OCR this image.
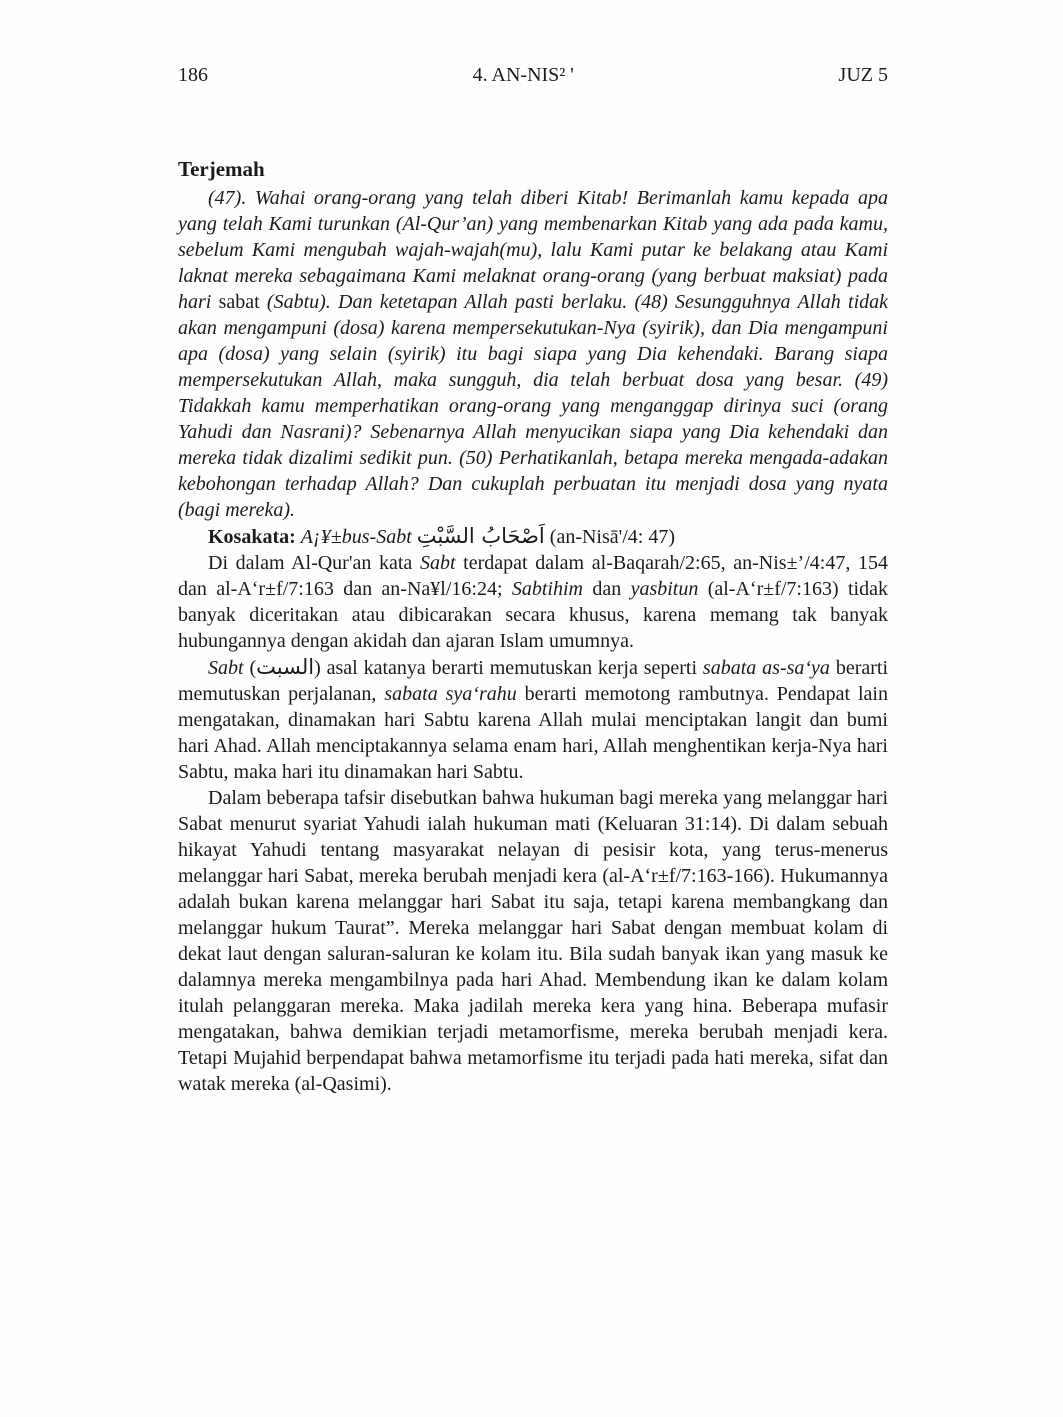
186	4. AN-NIS² '	JUZ 5
Terjemah

(47). Wahai orang-orang yang telah diberi Kitab! Berimanlah kamu kepada apa yang telah Kami turunkan (Al-Qur’an) yang membenarkan Kitab yang ada pada kamu, sebelum Kami mengubah wajah-wajah(mu), lalu Kami putar ke belakang atau Kami laknat mereka sebagaimana Kami melaknat orang-orang (yang berbuat maksiat) pada hari sabat (Sabtu). Dan ketetapan Allah pasti berlaku. (48) Sesungguhnya Allah tidak akan mengampuni (dosa) karena mempersekutukan-Nya (syirik), dan Dia mengampuni apa (dosa) yang selain (syirik) itu bagi siapa yang Dia kehendaki. Barang siapa mempersekutukan Allah, maka sungguh, dia telah berbuat dosa yang besar. (49) Tidakkah kamu memperhatikan orang-orang yang menganggap dirinya suci (orang Yahudi dan Nasrani)? Sebenarnya Allah menyucikan siapa yang Dia kehendaki dan mereka tidak dizalimi sedikit pun. (50) Perhatikanlah, betapa mereka mengada-adakan kebohongan terhadap Allah? Dan cukuplah perbuatan itu menjadi dosa yang nyata (bagi mereka).

Kosakata: A¡¥±bus-Sabt اَصْحَابُ السَّبْتِ (an-Nisā'/4: 47)

Di dalam Al-Qur'an kata Sabt terdapat dalam al-Baqarah/2:65, an-Nis±’/4:47, 154 dan al-A‘r±f/7:163 dan an-Na¥l/16:24; Sabtihim dan yasbitun (al-A‘r±f/7:163) tidak banyak diceritakan atau dibicarakan secara khusus, karena memang tak banyak hubungannya dengan akidah dan ajaran Islam umumnya.

Sabt (السبت) asal katanya berarti memutuskan kerja seperti sabata as-sa‘ya berarti memutuskan perjalanan, sabata sya‘rahu berarti memotong rambutnya. Pendapat lain mengatakan, dinamakan hari Sabtu karena Allah mulai menciptakan langit dan bumi hari Ahad. Allah menciptakannya selama enam hari, Allah menghentikan kerja-Nya hari Sabtu, maka hari itu dinamakan hari Sabtu.

Dalam beberapa tafsir disebutkan bahwa hukuman bagi mereka yang melanggar hari Sabat menurut syariat Yahudi ialah hukuman mati (Keluaran 31:14). Di dalam sebuah hikayat Yahudi tentang masyarakat nelayan di pesisir kota, yang terus-menerus melanggar hari Sabat, mereka berubah menjadi kera (al-A‘r±f/7:163-166). Hukumannya adalah bukan karena melanggar hari Sabat itu saja, tetapi karena membangkang dan melanggar hukum Taurat”. Mereka melanggar hari Sabat dengan membuat kolam di dekat laut dengan saluran-saluran ke kolam itu. Bila sudah banyak ikan yang masuk ke dalamnya mereka mengambilnya pada hari Ahad. Membendung ikan ke dalam kolam itulah pelanggaran mereka. Maka jadilah mereka kera yang hina. Beberapa mufasir mengatakan, bahwa demikian terjadi metamorfisme, mereka berubah menjadi kera. Tetapi Mujahid berpendapat bahwa metamorfisme itu terjadi pada hati mereka, sifat dan watak mereka (al-Qasimi).
